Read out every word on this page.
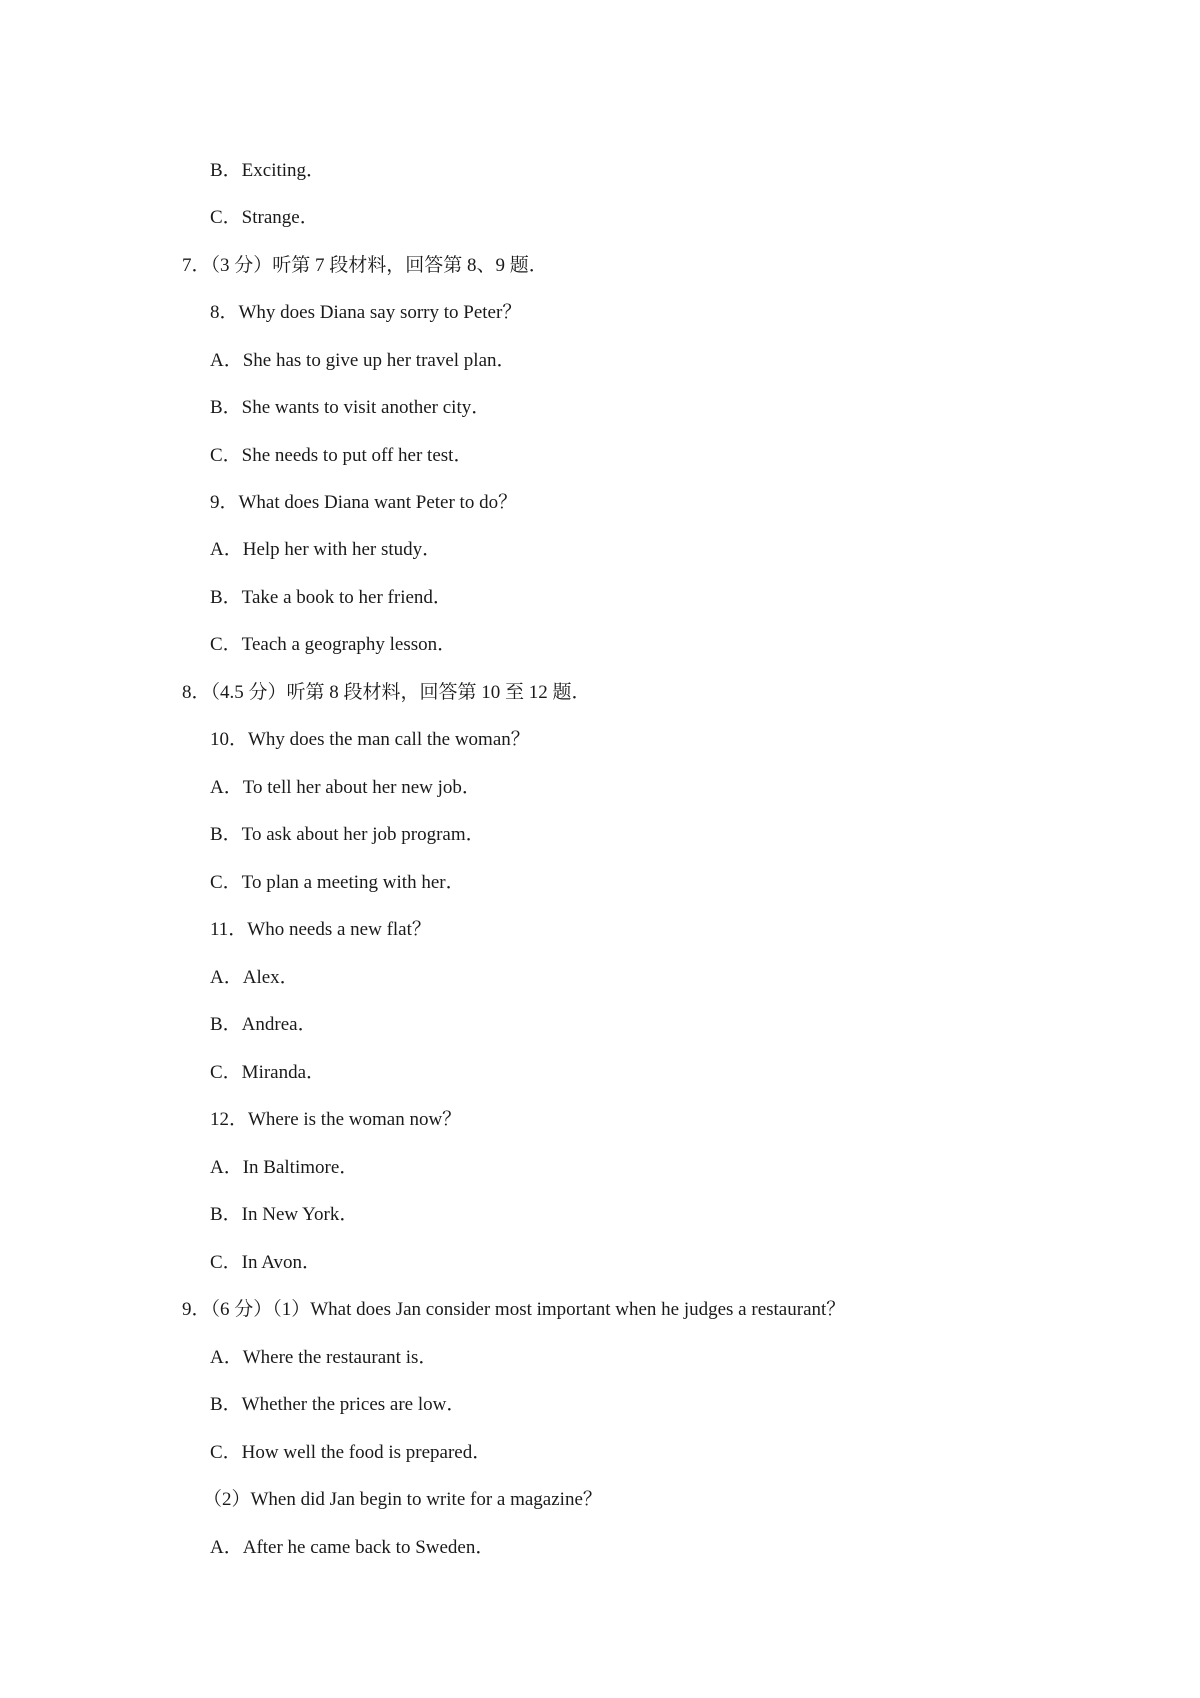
B．Exciting．
C．Strange．
7．（3 分）听第 7 段材料，回答第 8、9 题．
8．Why does Diana say sorry to Peter？
A．She has to give up her travel plan．
B．She wants to visit another city．
C．She needs to put off her test．
9．What does Diana want Peter to do？
A．Help her with her study．
B．Take a book to her friend．
C．Teach a geography lesson．
8．（4.5 分）听第 8 段材料，回答第 10 至 12 题．
10．Why does the man call the woman？
A．To tell her about her new job．
B．To ask about her job program．
C．To plan a meeting with her．
11．Who needs a new flat？
A．Alex．
B．Andrea．
C．Miranda．
12．Where is the woman now？
A．In Baltimore．
B．In New York．
C．In Avon．
9．（6 分）（1）What does Jan consider most important when he judges a restaurant？
A．Where the restaurant is．
B．Whether the prices are low．
C．How well the food is prepared．
（2）When did Jan begin to write for a magazine？
A．After he came back to Sweden．
